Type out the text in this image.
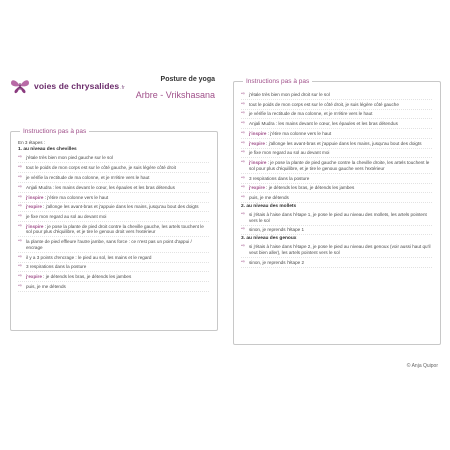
voies de chrysalides.fr
Posture de yoga
Arbre - Vrikshasana
Instructions pas à pas
En 3 étapes :
1. au niveau des chevilles
⇨ j'étale très bien mon pied gauche sur le sol
⇨ tout le poids de mon corps est sur le côté gauche, je suis légère côté droit
⇨ je vérifie la rectitude de ma colonne, et je m'étire vers le haut
⇨ Anjali Mudra : les mains devant le cœur, les épaules et les bras détendus
⇨ j'inspire : j'étire ma colonne vers le haut
⇨ j'expire : j'allonge les avant-bras et j'appuie dans les mains, jusqu'au bout des doigts
⇨ je fixe mon regard au sol au devant moi
⇨ j'inspire : je pose la plante de pied droit contre la cheville gauche, les artels touchent le sol pour plus d'équilibre, et je tire le genoux droit vers l'extérieur
⇨ la plante de pied effleure l'autre jambe, sans force : ce n'est pas un point d'appui / encrage
⇨ il y a 3 points d'encrage : le pied au sol, les mains et le regard
⇨ 3 respirations dans la posture
⇨ j'expire : je détends les bras, je détends les jambes
⇨ puis, je me détends
Instructions pas à pas
⇨ j'étale très bien mon pied droit sur le sol
⇨ tout le poids de mon corps est sur le côté droit, je suis légère côté gauche
⇨ je vérifie la rectitude de ma colonne, et je m'étire vers le haut
⇨ Anjali Mudra : les mains devant le cœur, les épaules et les bras détendus
⇨ j'inspire : j'étire ma colonne vers le haut
⇨ j'expire : j'allonge les avant-bras et j'appuie dans les mains, jusqu'au bout des doigts
⇨ je fixe mon regard au sol au devant moi
⇨ j'inspire : je pose la plante de pied gauche contre la cheville droite, les artels touchent le sol pour plus d'équilibre, et je tire le genoux gauche vers l'extérieur
⇨ 3 respirations dans la posture
⇨ j'expire : je détends les bras, je détends les jambes
⇨ puis, je me détends
2. au niveau des mollets
⇨ si j'étais à l'aise dans l'étape 1, je pose le pied au niveau des mollets, les artels pointent vers le sol
⇨ sinon, je reprends l'étape 1
3. au niveau des genoux
⇨ si j'étais à l'aise dans l'étape 2, je pose le pied au niveau des genoux (voir aussi haut qu'il veut bien aller), les artels pointent vers le sol
⇨ sinon, je reprends l'étape 2
© Anja Quipor
